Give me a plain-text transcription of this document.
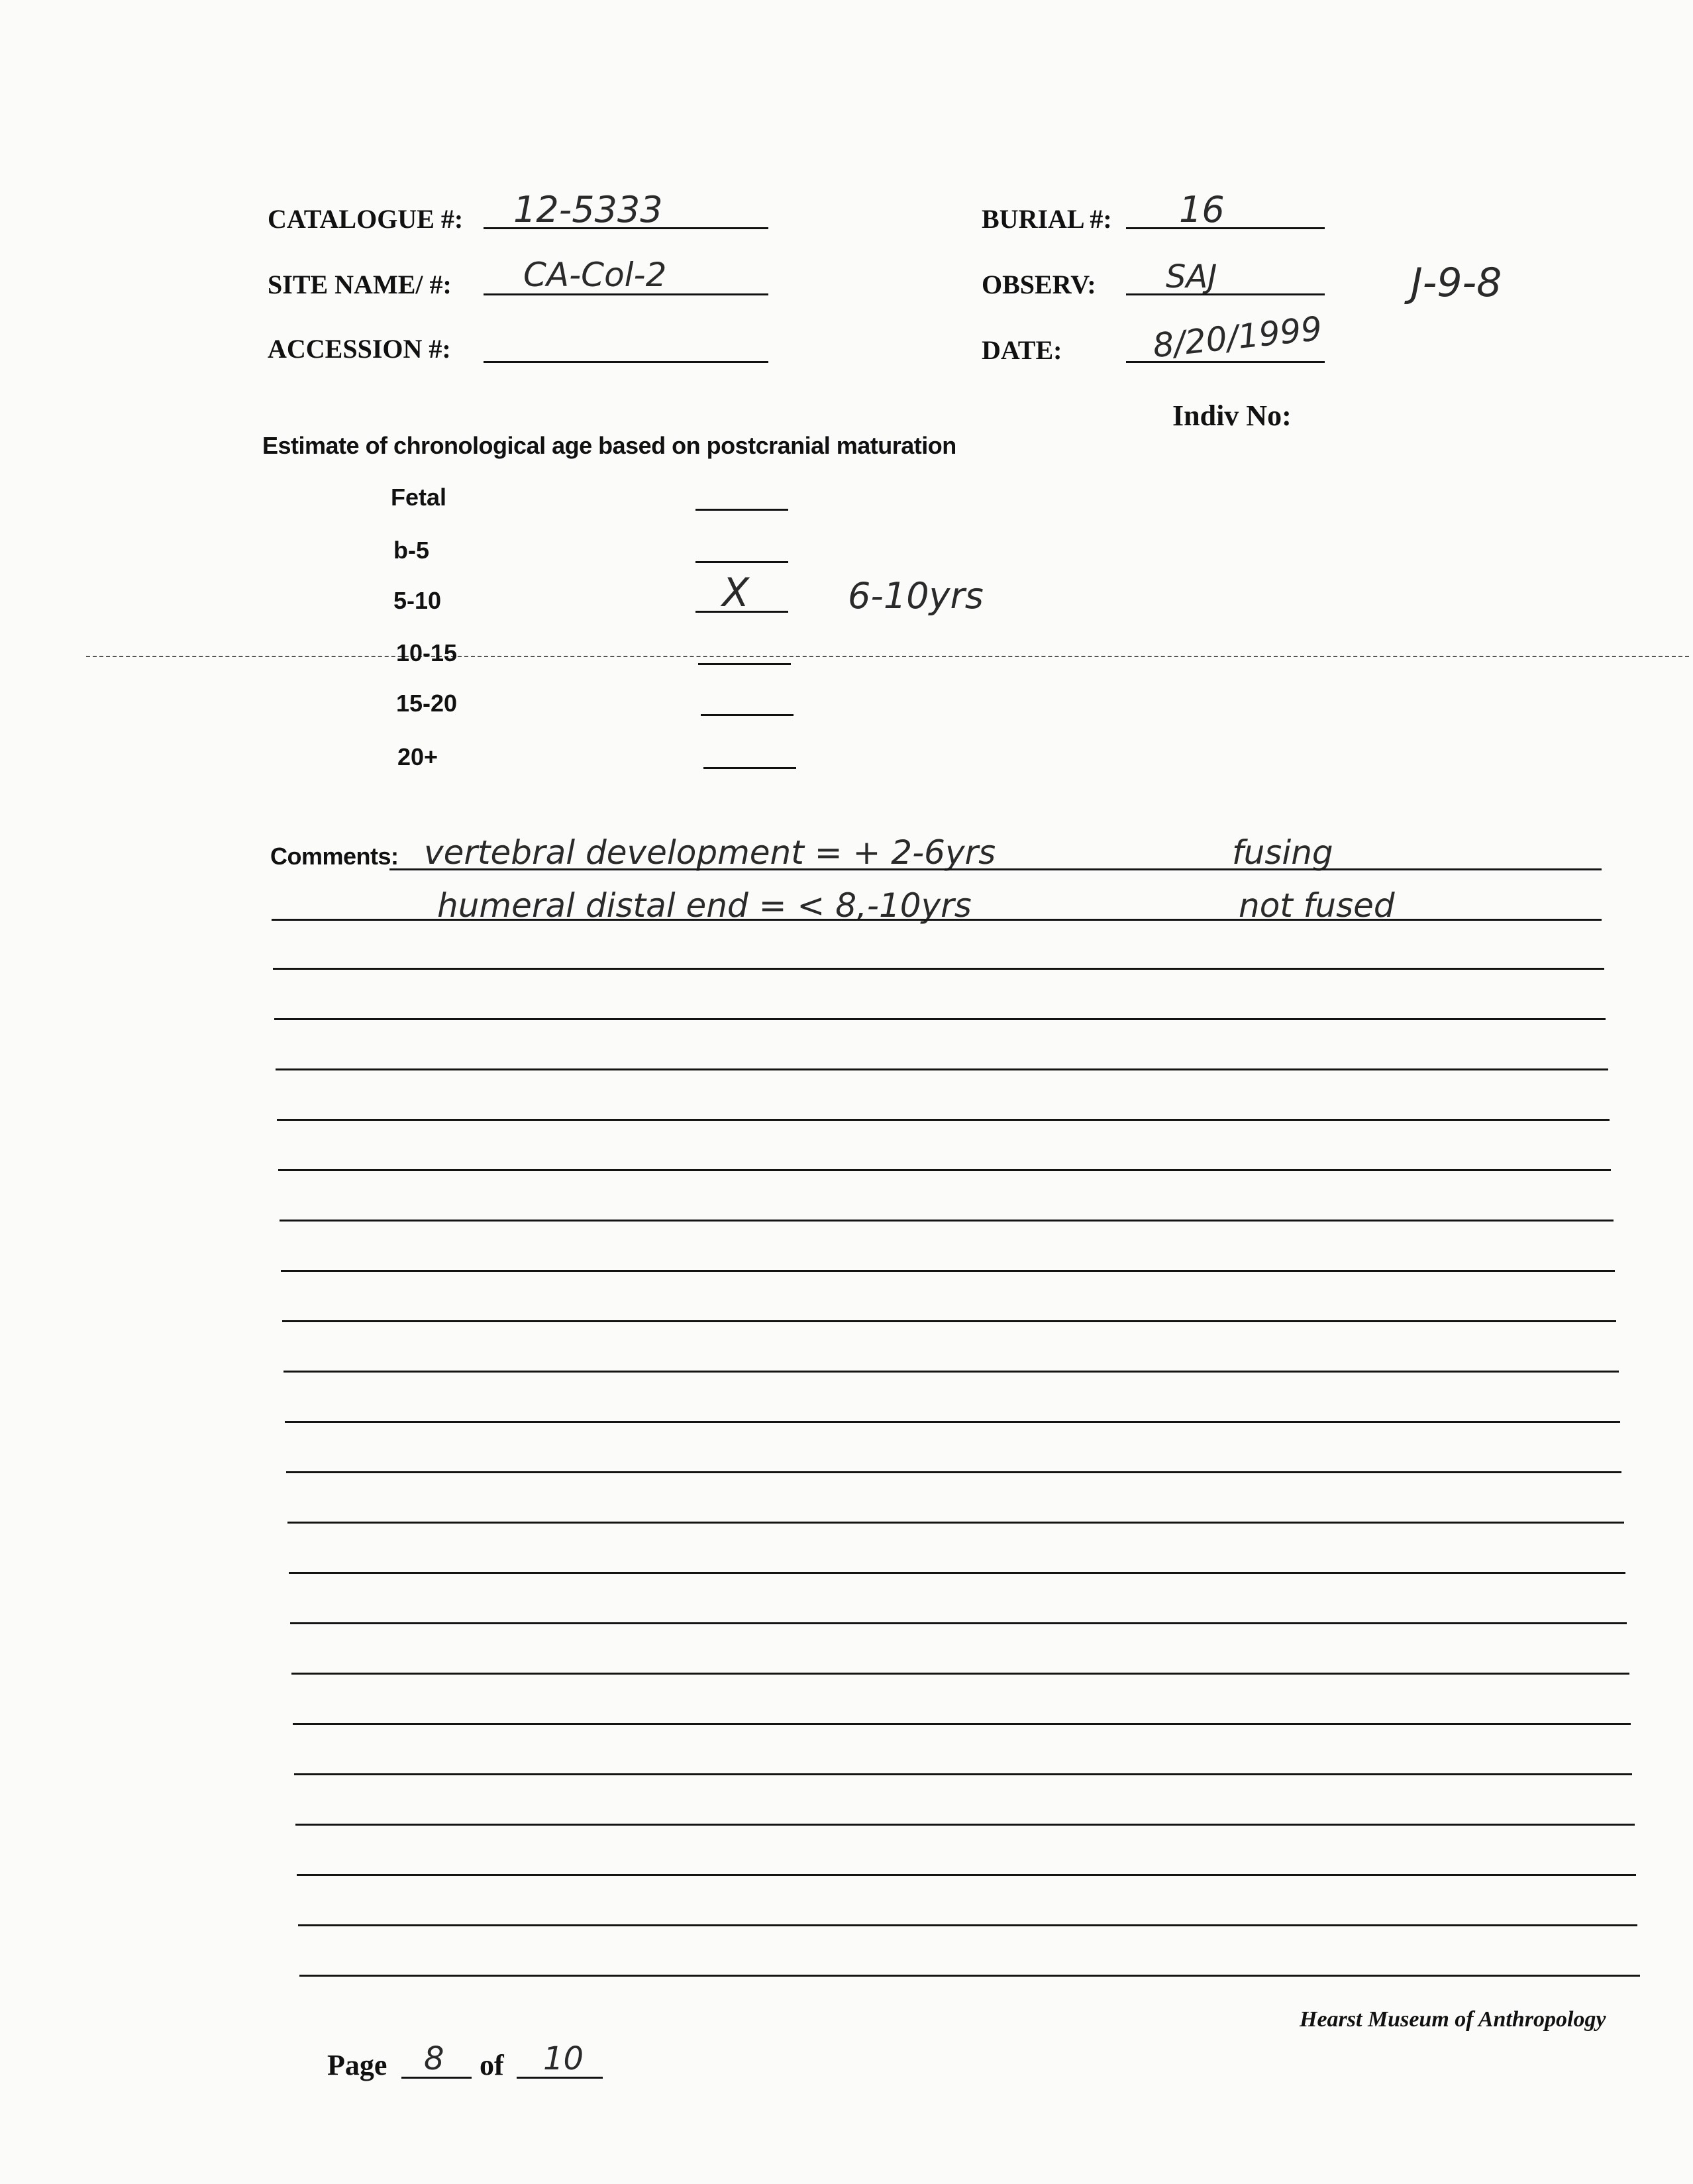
CATALOGUE #: 12-5333
SITE NAME/ #: CA-Col-2
ACCESSION #:
BURIAL #: 16
OBSERV: SAJ	J-9-8
DATE:	8/20/1999
Indiv No:
Estimate of chronological age based on postcranial maturation
Fetal
b-5
5-10	X	6-10yrs
10-15
15-20
20+
Comments: vertebral development = + 2-6yrs	fusing
humeral distal end = < 8,-10yrs	not fused
Hearst Museum of Anthropology
Page 8 of 10
